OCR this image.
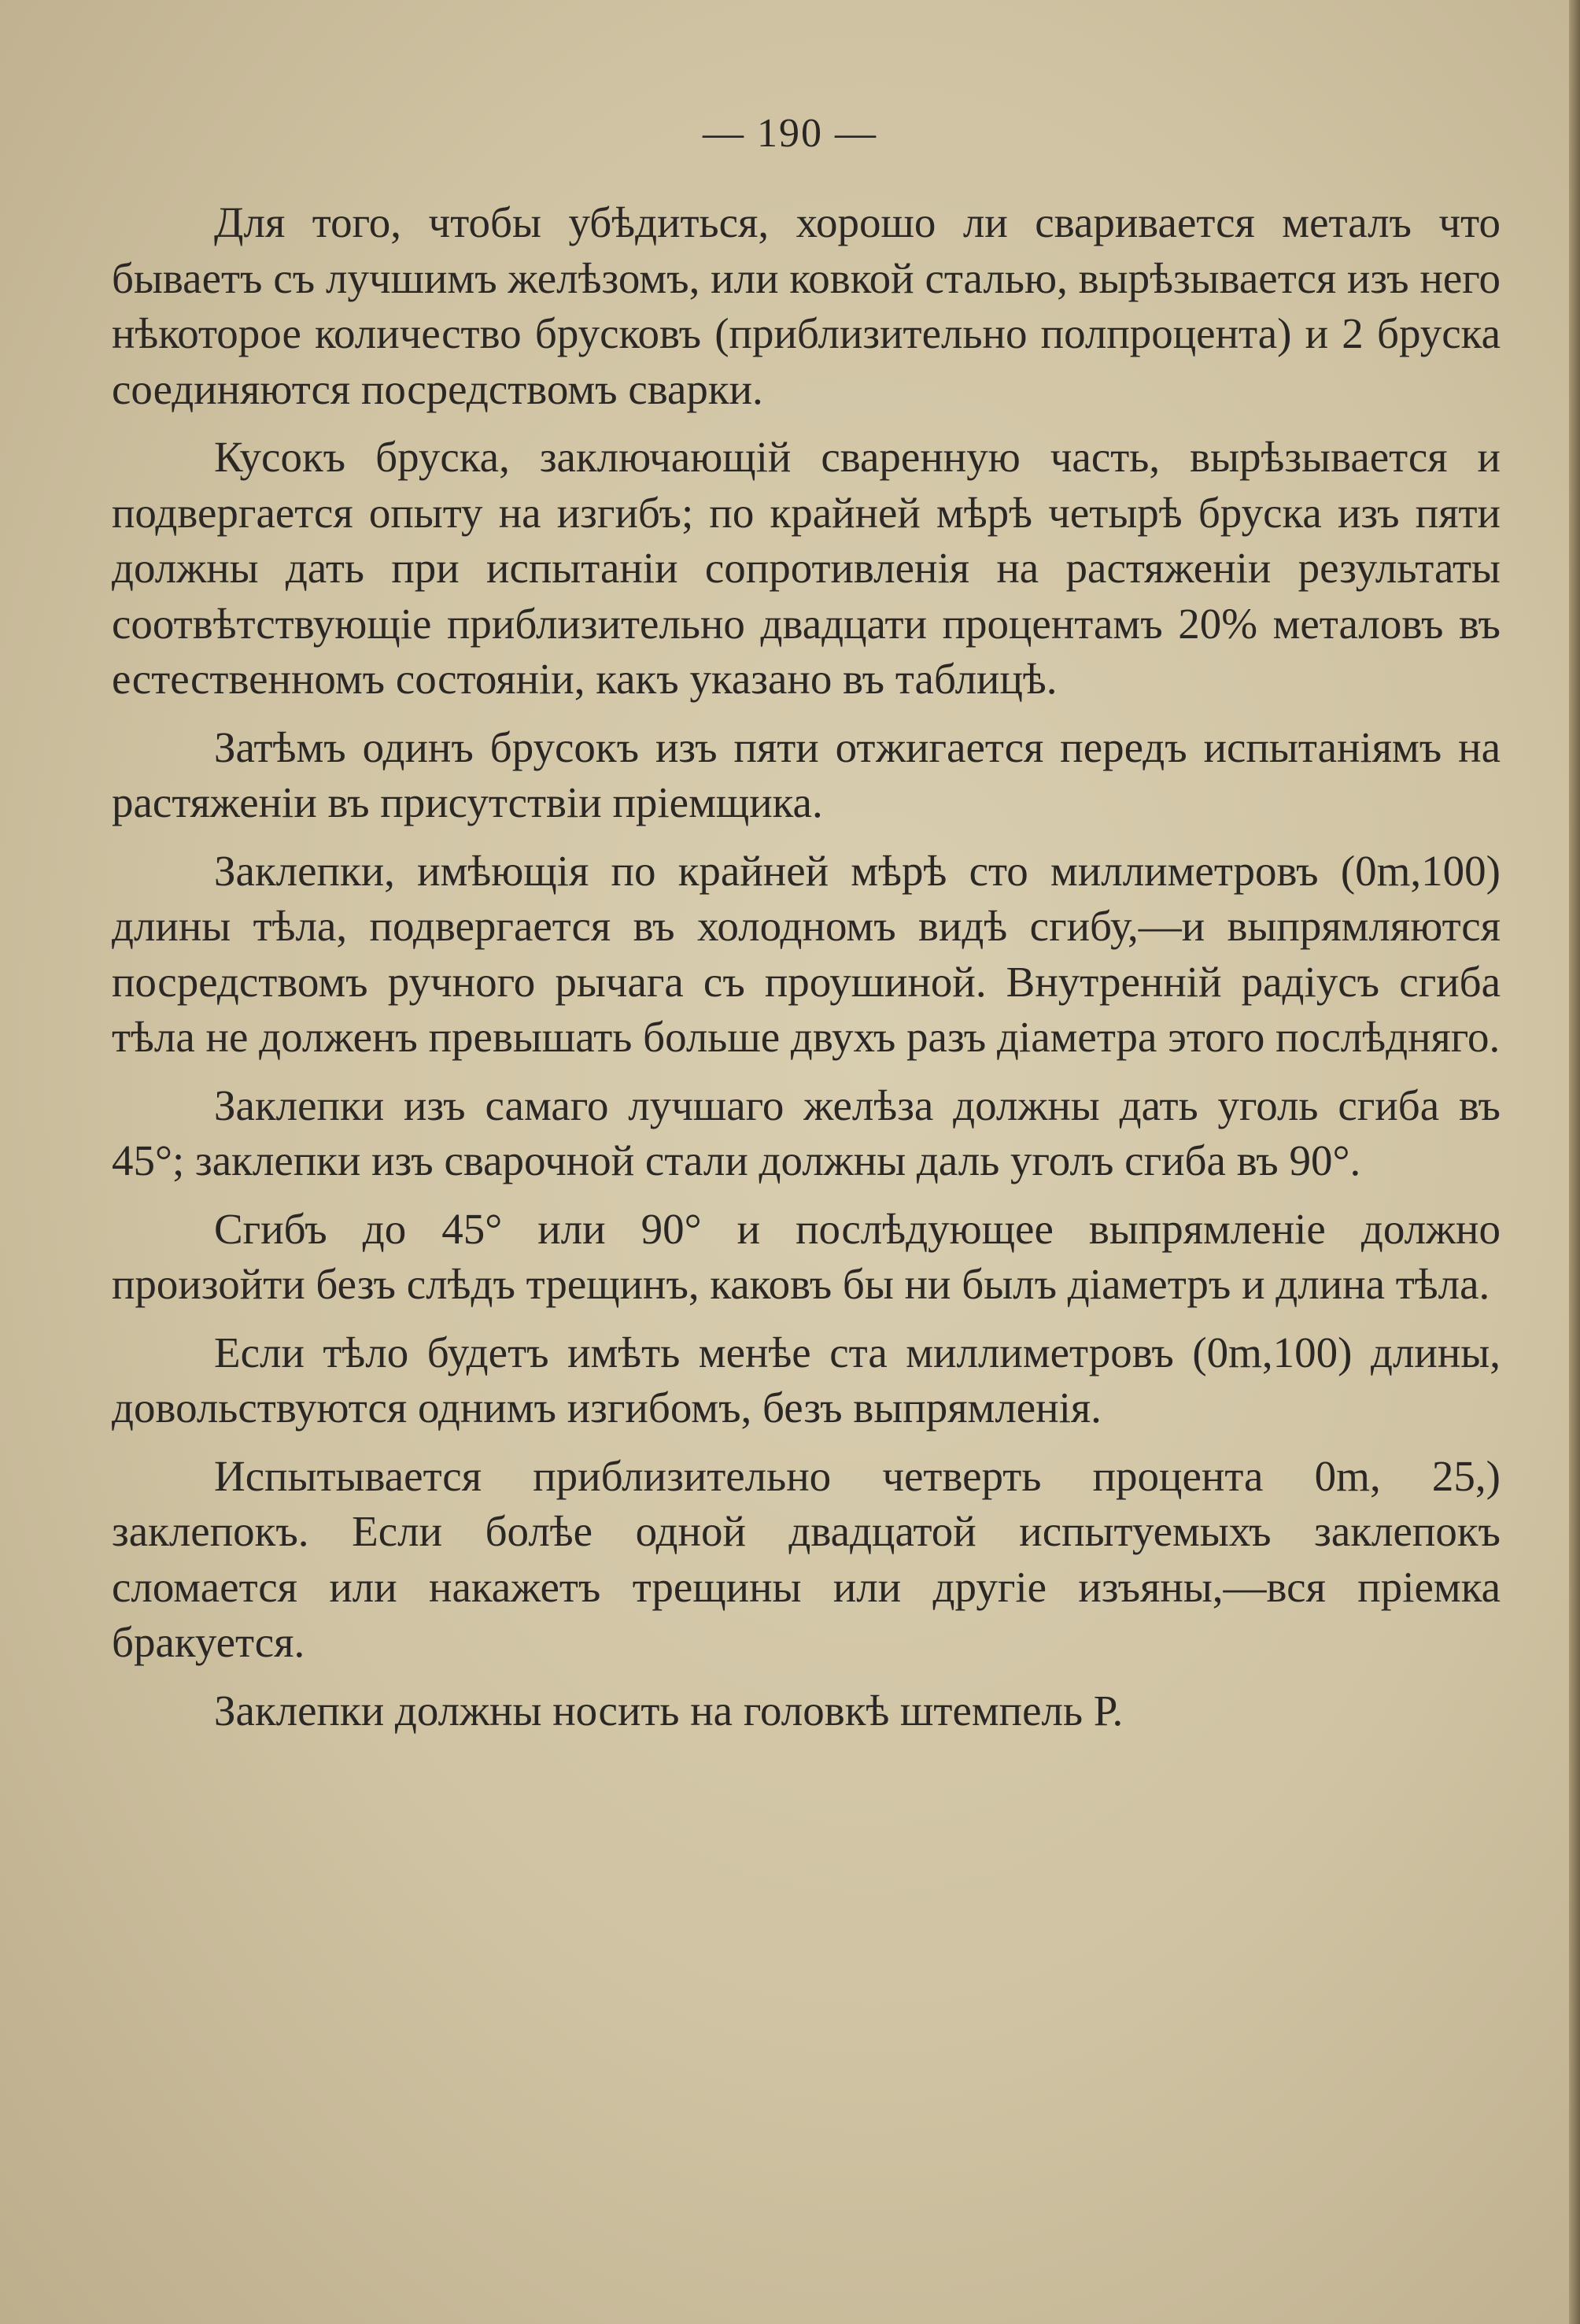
— 190 —

Для того, чтобы убѣдиться, хорошо ли сваривается металъ что бываетъ съ лучшимъ желѣзомъ, или ковкой сталью, вырѣзывается изъ него нѣкоторое количество брусковъ (приблизительно полпроцента) и 2 бруска соединяются посредствомъ сварки.

Кусокъ бруска, заключающій сваренную часть, вырѣзывается и подвергается опыту на изгибъ; по крайней мѣрѣ четырѣ бруска изъ пяти должны дать при испытаніи сопротивленія на растяженіи результаты соотвѣтствующіе приблизительно двадцати процентамъ 20% металовъ въ естественномъ состояніи, какъ указано въ таблицѣ.

Затѣмъ одинъ брусокъ изъ пяти отжигается передъ испытаніямъ на растяженіи въ присутствіи пріемщика.

Заклепки, имѣющія по крайней мѣрѣ сто миллиметровъ (0m,100) длины тѣла, подвергается въ холодномъ видѣ сгибу,—и выпрямляются посредствомъ ручного рычага съ проушиной. Внутренній радіусъ сгиба тѣла не долженъ превышать больше двухъ разъ діаметра этого послѣдняго.

Заклепки изъ самаго лучшаго желѣза должны дать уголь сгиба въ 45°; заклепки изъ сварочной стали должны даль уголъ сгиба въ 90°.

Сгибъ до 45° или 90° и послѣдующее выпрямленіе должно произойти безъ слѣдъ трещинъ, каковъ бы ни былъ діаметръ и длина тѣла.

Если тѣло будетъ имѣть менѣе ста миллиметровъ (0m,100) длины, довольствуются однимъ изгибомъ, безъ выпрямленія.

Испытывается приблизительно четверть процента 0m, 25,) заклепокъ. Если болѣе одной двадцатой испытуемыхъ заклепокъ сломается или накажетъ трещины или другіе изъяны,—вся пріемка бракуется.

Заклепки должны носить на головкѣ штемпель Р.
